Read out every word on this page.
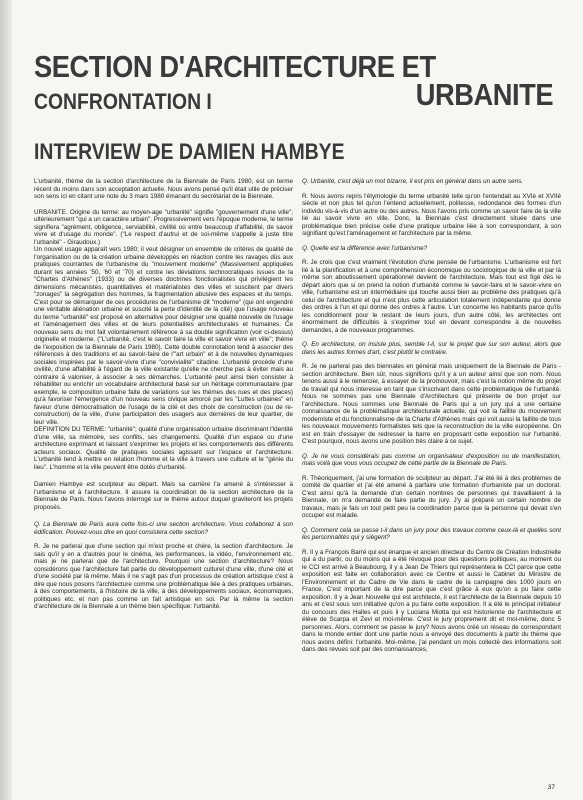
SECTION D'ARCHITECTURE ET
URBANITE
CONFRONTATION I
INTERVIEW DE DAMIEN HAMBYE

L'urbanité, thème de la section d'architecture de la Biennale de Paris 1980, est un terme récent du moins dans son acceptation actuelle. Nous avons pensé qu'il était utile de préciser son sens ici en citant une note du 3 mars 1980 émanant du secrétariat de la Biennale.

URBANITE. Origine du terme: au moyen-age "urbanité" signifie "gouvernement d'une ville"; ultérieurement "qui a un caractère urbain". Progressivement vers l'époque moderne, le terme signifiera "agrément, obligence, serviabilité, civilité où entre beaucoup d'affabilité, de savoir vivre et d'usage du monde". ("Le respect d'autrui et de soi-même s'appelle à juste titre l'urbanité" - Giraudoux.)

Un nouvel usage apparaît vers 1980; il veut désigner un ensemble de critères de qualité de l'organisation ou de la création urbaine développés en réaction contre les ravages dûs aux pratiques courrantes de l'urbanisme du "mouvement moderne" (Massivement appliquées durant les années '50, '60 et '70) et contre les déviations technocratiques issues de la "Chartes d'Athènes" (1933) ou de diverses doctrines fonctionalistes qui privilégient les dimensions mécanistes, quantitatives et matérialistes des villes et suscitent par divers "zonages" la ségrégation des hommes, la fragmentation abusive des espaces et du temps. C'est pour se démarquer de ces procédures de l'urbanisme dit "moderne" (qui ont engendré une véritable aliénation urbaine et suscité la perte d'identité de la cité) que l'usage nouveau du terme "urbanité" est proposé en alternative pour désigner une qualité nouvelle de l'usage et l'aménagement des villes et de leurs potentialités architecturales et humaines. Ce nouveau sens du mot fait volontairement référence à sa double signification (voir ci-dessus) originelle et moderne. ("L'urbanité, c'est le savoir faire la ville et savoir vivre en ville"; thème de l'exposition de la Biennale de Paris 1980). Cette double connotation tend à associer des références à des traditions et au savoir-faire de l'"art urbain" et à de nouvelles dynamiques sociales inspirées par le savoir-vivre d'une "convivialité" citadine. L'urbanité procède d'une civilité, d'une affabilité à l'égard de la ville existante qu'elle ne cherche pas à éviter mais au contraire à valoriser, à associer à ses démarches. L'urbanité peut ainsi bien consister à réhabiliter ou enrichir un vocabulaire architectural basé sur un héritage communautaire (par exemple, le composition urbaine faite de variations sur les thèmes des rues et des places) qu'à favoriser l'émergence d'un nouveau sens civique amorcé par les "Luttes urbaines" en faveur d'une démocratisation de l'usage de la cité et des choix de construction (ou de re-construction) de la ville, d'une participation des usagers aux dernières de leur quartier, de leur ville.

DEFINITION DU TERME: "urbanité"; qualité d'une organisation urbaine discriminant l'identité d'une ville, sa mémoire, ses conflits, ses changements. Qualité d'un espace ou d'une architecture exprimant et laissant s'exprimer les projets et les comportements des différents acteurs sociaux. Qualité de pratiques sociales agissant sur l'espace et l'architecture. L'urbanité tend à mettre en relation l'homme et la ville à travers une culture et le "génie du lieu". L'homme et la ville peuvent être dotés d'urbanité.

Damien Hambye est sculpteur au départ. Mais sa carrière l'a amené à s'intéresser à l'urbanisme et à l'architecture. Il assure la coordination de la section architecture de la Biennale de Paris. Nous l'avons interrogé sur le thème autour duquel graviteront les projets proposés.

Q. La Biennale de Paris aura cette fois-ci une section architecture. Vous collaborez à son édification. Pouvez-vous dire en quoi consistera cette section?

R. Je ne parlerai que d'une section qui m'est proche et chère, la section d'architecture. Je sais qu'il y en a d'autres pour le cinéma, les performances, la vidéo, l'environnement etc. mais je ne parlerai que de l'architecture. Pourquoi une section d'architecture? Nous considérons que l'architecture fait partie du développement culturel d'une ville, d'une cité et d'une société par là même. Mais il ne s'agit pas d'un processus de création artistique c'est à dire que nous posons l'architecture comme une problématique liée à des pratiques urbaines, à des comportements, à l'histoire de la ville, à des développements sociaux, économiques, politiques etc. et non pas comme un fait artistique en soi. Par là même la section d'architecture de la Biennale a un thème bien spécifique: l'urbanité.

Q. Urbanité, c'est déjà un mot bizarre, il est pris en général dans un autre sens.

R. Nous avons repris l'étymologie du terme urbanité telle qu'on l'entendait au XVIè et XVIIè siècle et non plus tel qu'on l'entend actuellement, politesse, redondance des formes d'un individu vis-à-vis d'un autre ou des autres. Nous l'avons pris comme un savoir faire de la ville lié au savoir vivre en ville. Donc, la Biennale c'est directement située dans une problématique bien précise celle d'une pratique urbaine liée à son correspondant, à son signifiant qu'est l'aménagement et l'architecture par la même.

Q. Quelle est la différence avec l'urbanisme?

R. Je crois que c'est vraiment l'évolution d'une pensée de l'urbanisme. L'urbanisme est fort lié à la planification et à une compréhension économique ou sociologique de la ville et par là même son aboutissement opérationnel devient de l'architecture. Mais tout est figé dès le départ alors que si on prend la notion d'urbanité comme le savoir-faire et le savoir-vivre en ville, l'urbanisme est un intermédiaire qui touche aussi bien au problème des pratiques qu'à celui de l'architecture et qui n'est plus cette articulation totalement indépendante qui donne des ordres à l'un et qui donne des ordres à l'autre. L'un concerne les habitants parce qu'ils les conditionnent pour le restant de leurs jours, d'un autre côté, les architectes ont énormément de difficultés à s'exprimer tout en devant correspondre à de nouvelles demandes, à de nouveaux programmes.

Q. En architecture, on insiste plus, semble t-il, sur le projet que sur son auteur, alors que dans les autres formes d'art, c'est plutôt le contraire.

R. Je ne parlerai pas des biennales en général mais uniquement de la Biennale de Paris - section architecture. Bien sûr, nous signifions qu'il y a un auteur ainsi que son nom. Nous tenons aussi à le remercier, à essayer de la promouvoir, mais c'est la notion même du projet de travail qui nous interesse en tant que s'inscrivant dans cette problématique de l'urbanité. Nous ne sommes pas une Biennale d'Architecture qui présente de bon projet sur l'architecture. Nous sommes une Biennale de Paris qui a un jury qui a une certaine connaissance de la problématique architecturale actuelle, qui voit la faillite du mouvement moderniste et du fonctionnalisme de la Charte d'Athènes mais qui voit aussi la faillite de tous les nouveaux mouvements formalistes tels que la reconstruction de la ville européenne. On est en train d'essayer de redresser la barre en proposant cette exposition sur l'urbanité. C'est pourquoi, nous avons une position très claire à ce sujet.

Q. Je ne vous considérais pas comme un organisateur d'exposition ou de manifestation, mais voilà que vous vous occupez de cette partie de la Biennale de Paris.

R. Théoriquement, j'ai une formation de sculpteur au départ. J'ai été lié à des problèmes de comité de quartier et j'ai été amené à parfaire une formation d'urbaniste par un doctorat. C'est ainsi qu'à la demande d'un certain nombres de personnes qui travaillaient à la Biennale, on m'a demandé de faire partie du jury. J'y ai préparé un certain nombre de travaux, mais je fais un tout petit peu la coordination parce que la personne qui devait s'en occuper est malade.

Q. Comment cela se passe t-il dans un jury pour des travaux comme ceux-là et quelles sont les personnalités qui y siègent?

R. Il y a François Barré qui est énarque et ancien directeur du Centre de Création Industrielle qui a du partir, ou du moins qui a été révoqué pour des questions politiques, au moment ou le CCI est arrivé à Beaubourg, il y a Jean De Thiers qui représentera le CCI parce que cette exposition est faite en collaboration avec ce Centre et aussi le Cabinet du Ministre de l'Environnement et du Cadre de Vie dans le cadre de la campagne des 1000 jours en France, C'est important de la dire parce que c'est grâce à eux qu'on a pu faire cette exposition. Il y a Jean Nouvelle qui est architecte, il est l'architecte de la Biennale depuis 10 ans et c'est sous son initiative qu'on a pu faire cette exposition. Il a été le principal initiateur du concours des Halles et puis il y Luciana Miotta qui est historienne de l'architecture et élève de Scarpa et Zevi et moi-même. C'est le jury proprement dit et moi-même, donc 5 personnes. Alors, comment se passe le jury? Nous avons créé un réseau de correspondant dans le monde entier dont une partie nous a envoyé des documents à partir du thème que nous avons défini: l'urbanité. Moi-même, j'ai pendant un mois collecté des informations soit dans des revues soit par des connaissances,

37
